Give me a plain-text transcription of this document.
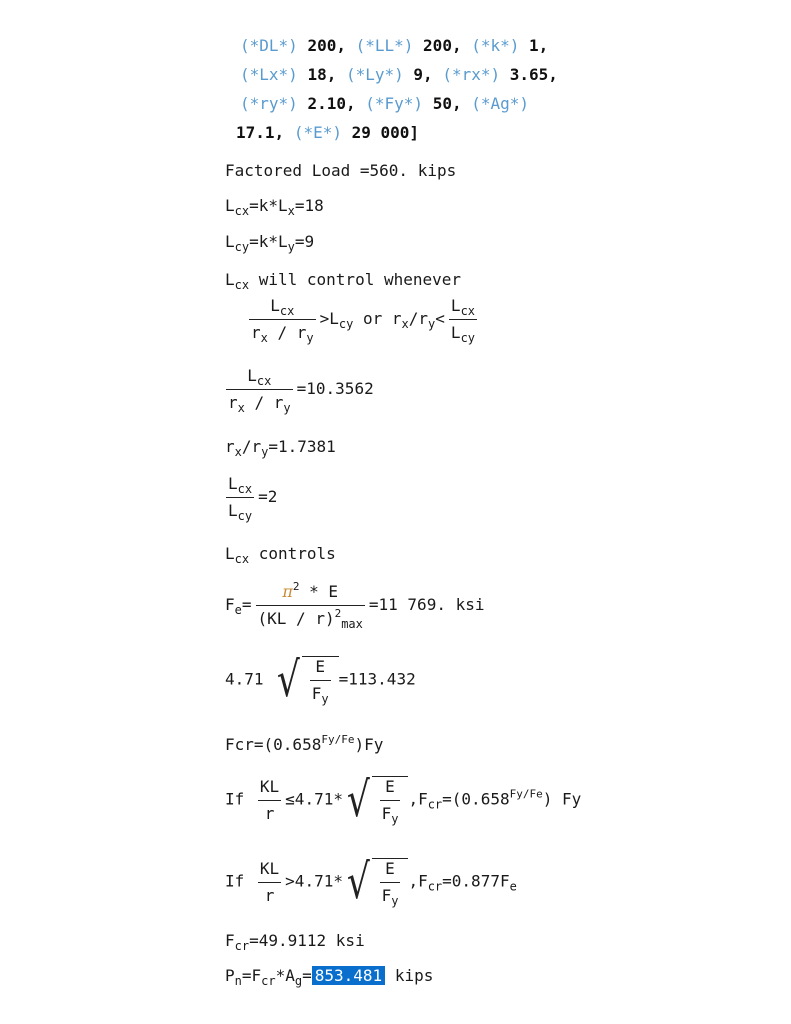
(*DL*) 200, (*LL*) 200, (*k*) 1,
(*Lx*) 18, (*Ly*) 9, (*rx*) 3.65,
(*ry*) 2.10, (*Fy*) 50, (*Ag*)
17.1, (*E*) 29 000]
Factored Load =560. kips
$L_{cx}=k*L_x=18$
$L_{cy}=k*L_y=9$
$L_{cx}$ will control whenever
$L_{cx}$
$r_x / r_y$
$>L_{cy}$ or $r_x/r_y<$
$L_{cx}$
$L_{cy}$
$L_{cx}$
$r_x / r_y$
=10.3562
$r_x/r_y=1.7381$
$L_{cx}$
$L_{cy}$
=2
$L_{cx}$ controls
$F_e=$
$\pi^2$ * E
(KL / r)$^2_{max}$
=11 769. ksi
4.71 √ $\frac{E}{F_y} =113.432$
$Fcr=(0.658^{Fy/Fe})Fy$
If $\frac{KL}{r} \le 4.71*$ √ $\frac{E}{F_y} ,F_{cr}=(0.658^{Fy/Fe})$ Fy
If $\frac{KL}{r} >4.71*$ √ $\frac{E}{F_y} ,F_{cr}=0.877F_e$
$F_{cr}=49.9112$ ksi
$P_n=F_{cr}*A_g= 853.481$ kips
